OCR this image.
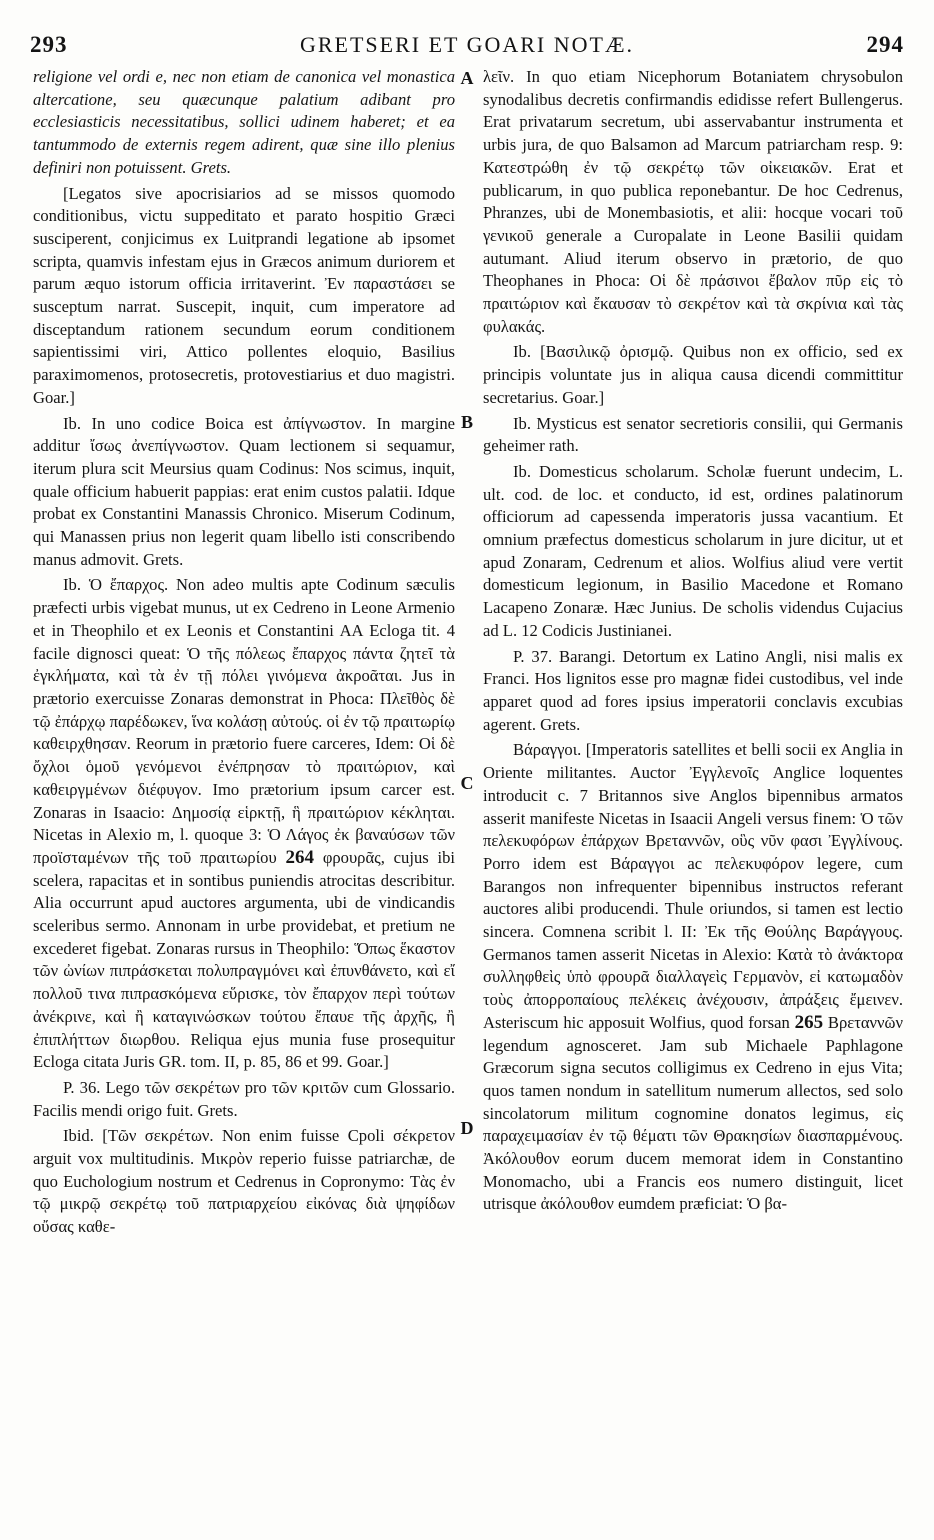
293	GRETSERI ET GOARI NOTÆ.	294
A
B
C
D

religione vel ordi e, nec non etiam de canonica vel monastica altercatione, seu quæcunque palatium adibant pro ecclesiasticis necessitatibus, sollici udinem haberet; et ea tantummodo de externis regem adirent, quæ sine illo plenius definiri non potuissent. Grets.

[Legatos sive apocrisiarios ad se missos quomodo conditionibus, victu suppeditato et parato hospitio Græci susciperent, conjicimus ex Luitprandi legatione ab ipsomet scripta, quamvis infestam ejus in Græcos animum duriorem et parum æquo istorum officia irritaverint. Ἐν παραστάσει se susceptum narrat. Suscepit, inquit, cum imperatore ad disceptandum rationem secundum eorum conditionem sapientissimi viri, Attico pollentes eloquio, Basilius paraximomenos, protosecretis, protovestiarius et duo magistri. Goar.]

Ib. In uno codice Boica est ἀπίγνωστον. In margine additur ἴσως ἀνεπίγνωστον. Quam lectionem si sequamur, iterum plura scit Meursius quam Codinus: Nos scimus, inquit, quale officium habuerit pappias: erat enim custos palatii. Idque probat ex Constantini Manassis Chronico. Miserum Codinum, qui Manassen prius non legerit quam libello isti conscribendo manus admovit. Grets.

Ib. Ὁ ἔπαρχος. Non adeo multis apte Codinum sæculis præfecti urbis vigebat munus, ut ex Cedreno in Leone Armenio et in Theophilo et ex Leonis et Constantini AA Ecloga tit. 4 facile dignosci queat: Ὁ τῆς πόλεως ἔπαρχος πάντα ζητεῖ τὰ ἐγκλήματα, καὶ τὰ ἐν τῇ πόλει γινόμενα ἀκροᾶται. Jus in prætorio exercuisse Zonaras demonstrat in Phoca: Πλεῖθὸς δὲ τῷ ἐπάρχῳ παρέδωκεν, ἵνα κολάσῃ αὐτούς. οἱ ἐν τῷ πραιτωρίῳ καθειρχθησαν. Reorum in prætorio fuere carceres, Idem: Οἱ δὲ ὄχλοι ὁμοῦ γενόμενοι ἐνέπρησαν τὸ πραιτώριον, καὶ καθειργμένων διέφυγον. Imo prætorium ipsum carcer est. Zonaras in Isaacio: Δημοσίᾳ εἱρκτῇ, ἣ πραιτώριον κέκληται. Nicetas in Alexio m, l. quoque 3: Ὁ Λάγος ἐκ βαναύσων τῶν προϊσταμένων τῆς τοῦ πραιτωρίου 264 φρουρᾶς, cujus ibi scelera, rapacitas et in sontibus puniendis atrocitas describitur. Alia occurrunt apud auctores argumenta, ubi de vindicandis sceleribus sermo. Annonam in urbe providebat, et pretium ne excederet figebat. Zonaras rursus in Theophilo: Ὅπως ἕκαστον τῶν ὠνίων πιπράσκεται πολυπραγμόνει καὶ ἐπυνθάνετο, καὶ εἴ πολλοῦ τινα πιπρασκόμενα εὕρισκε, τὸν ἔπαρχον περὶ τούτων ἀνέκρινε, καὶ ἢ καταγινώσκων τούτου ἔπαυε τῆς ἀρχῆς, ἢ ἐπιπλήττων διωρθου. Reliqua ejus munia fuse prosequitur Ecloga citata Juris GR. tom. II, p. 85, 86 et 99. Goar.]

P. 36. Lego τῶν σεκρέτων pro τῶν κριτῶν cum Glossario. Facilis mendi origo fuit. Grets.

Ibid. [Τῶν σεκρέτων. Non enim fuisse Cpoli σέκρετον arguit vox multitudinis. Μικρὸν reperio fuisse patriarchæ, de quo Euchologium nostrum et Cedrenus in Copronymo: Τὰς ἐν τῷ μικρῷ σεκρέτῳ τοῦ πατριαρχείου εἰκόνας διὰ ψηφίδων οὔσας καθε-

λεῖν. In quo etiam Nicephorum Botaniatem chrysobulon synodalibus decretis confirmandis edidisse refert Bullengerus. Erat privatarum secretum, ubi asservabantur instrumenta et urbis jura, de quo Balsamon ad Marcum patriarcham resp. 9: Κατεστρώθη ἐν τῷ σεκρέτῳ τῶν οἰκειακῶν. Erat et publicarum, in quo publica reponebantur. De hoc Cedrenus, Phranzes, ubi de Monembasiotis, et alii: hocque vocari τοῦ γενικοῦ generale a Curopalate in Leone Basilii quidam autumant. Aliud iterum observo in prætorio, de quo Theophanes in Phoca: Οἱ δὲ πράσινοι ἔβαλον πῦρ εἰς τὸ πραιτώριον καὶ ἔκαυσαν τὸ σεκρέτον καὶ τὰ σκρίνια καὶ τὰς φυλακάς.

Ib. [Βασιλικῷ ὀρισμῷ. Quibus non ex officio, sed ex principis voluntate jus in aliqua causa dicendi committitur secretarius. Goar.]

Ib. Mysticus est senator secretioris consilii, qui Germanis geheimer rath.

Ib. Domesticus scholarum. Scholæ fuerunt undecim, L. ult. cod. de loc. et conducto, id est, ordines palatinorum officiorum ad capessenda imperatoris jussa vacantium. Et omnium præfectus domesticus scholarum in jure dicitur, ut et apud Zonaram, Cedrenum et alios. Wolfius aliud vere vertit domesticum legionum, in Basilio Macedone et Romano Lacapeno Zonaræ. Hæc Junius. De scholis videndus Cujacius ad L. 12 Codicis Justinianei.

P. 37. Barangi. Detortum ex Latino Angli, nisi malis ex Franci. Hos lignitos esse pro magnæ fidei custodibus, vel inde apparet quod ad fores ipsius imperatorii conclavis excubias agerent. Grets.

Βάραγγοι. [Imperatoris satellites et belli socii ex Anglia in Oriente militantes. Auctor Ἐγγλενοῖς Anglice loquentes introducit c. 7 Britannos sive Anglos bipennibus armatos asserit manifeste Nicetas in Isaacii Angeli versus finem: Ὁ τῶν πελεκυφόρων ἐπάρχων Βρεταννῶν, οὓς νῦν φασι Ἐγγλίνους. Porro idem est Βάραγγοι ac πελεκυφόρον legere, cum Barangos non infrequenter bipennibus instructos referant auctores alibi producendi. Thule oriundos, si tamen est lectio sincera. Comnena scribit l. II: Ἐκ τῆς Θούλης Βαράγγους. Germanos tamen asserit Nicetas in Alexio: Κατὰ τὸ ἀνάκτορα συλληφθεὶς ὑπὸ φρουρᾶ διαλλαγεὶς Γερμανὸν, εἰ κατωμαδὸν τοὺς ἀπορροπαίους πελέκεις ἀνέχουσιν, ἀπράξεις ἔμεινεν. Asteriscum hic apposuit Wolfius, quod forsan 265 Βρεταννῶν legendum agnosceret. Jam sub Michaele Paphlagone Græcorum signa secutos colligimus ex Cedreno in ejus Vita; quos tamen nondum in satellitum numerum allectos, sed solo sincolatorum militum cognomine donatos legimus, εἰς παραχειμασίαν ἐν τῷ θέματι τῶν Θρακησίων διασπαρμένους. Ἀκόλουθον eorum ducem memorat idem in Constantino Monomacho, ubi a Francis eos numero distinguit, licet utrisque ἀκόλουθον eumdem præficiat: Ὁ βα-
